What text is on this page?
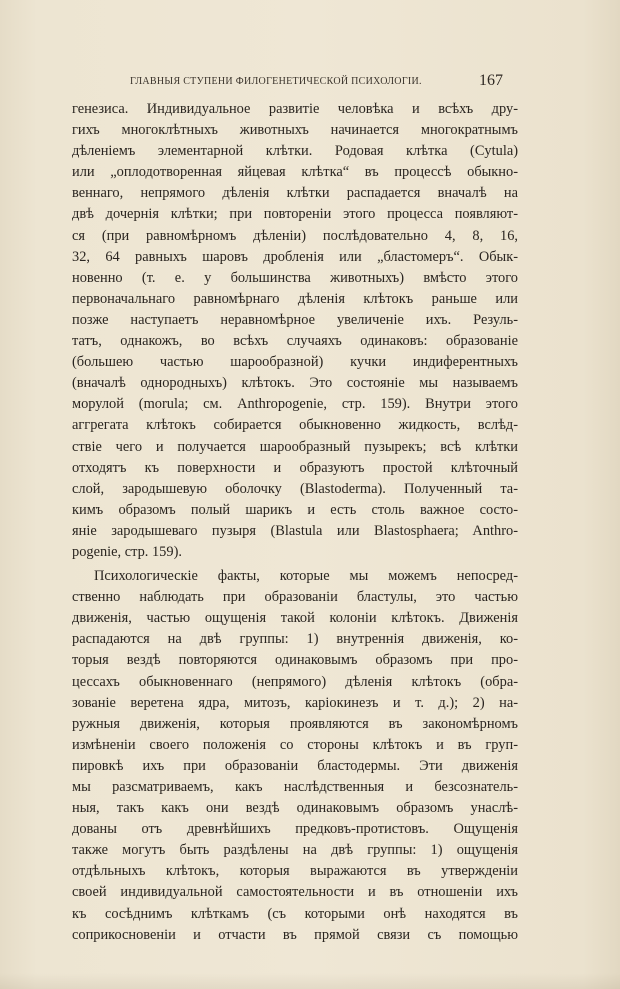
ГЛАВНЫЯ СТУПЕНИ ФИЛОГЕНЕТИЧЕСКОЙ ПСИХОЛОГІИ.	167
генезиса. Индивидуальное развитіе человѣка и всѣхъ дру-
гихъ многоклѣтныхъ животныхъ начинается многократнымъ
дѣленіемъ элементарной клѣтки. Родовая клѣтка (Cytula)
или „оплодотворенная яйцевая клѣтка“ въ процессѣ обыкно-
веннаго, непрямого дѣленія клѣтки распадается вначалѣ на
двѣ дочернія клѣтки; при повтореніи этого процесса появляют-
ся (при равномѣрномъ дѣленіи) послѣдовательно 4, 8, 16,
32, 64 равныхъ шаровъ дробленія или „бластомеръ“. Обык-
новенно (т. е. у большинства животныхъ) вмѣсто этого
первоначальнаго равномѣрнаго дѣленія клѣтокъ раньше или
позже наступаетъ неравномѣрное увеличеніе ихъ. Резуль-
татъ, однакожъ, во всѣхъ случаяхъ одинаковъ: образованіе
(большею частью шарообразной) кучки индиферентныхъ
(вначалѣ однородныхъ) клѣтокъ. Это состояніе мы называемъ
морулой (morula; см. Anthropogenie, стр. 159). Внутри этого
аггрегата клѣтокъ собирается обыкновенно жидкость, вслѣд-
ствіе чего и получается шарообразный пузырекъ; всѣ клѣтки
отходятъ къ поверхности и образуютъ простой клѣточный
слой, зародышевую оболочку (Blastoderma). Полученный та-
кимъ образомъ полый шарикъ и есть столь важное состо-
яніе зародышеваго пузыря (Blastula или Blastosphaera; Anthro-
pogenie, стр. 159).
Психологическіе факты, которые мы можемъ непосред-
ственно наблюдать при образованіи бластулы, это частью
движенія, частью ощущенія такой колоніи клѣтокъ. Движенія
распадаются на двѣ группы: 1) внутреннія движенія, ко-
торыя вездѣ повторяются одинаковымъ образомъ при про-
цессахъ обыкновеннаго (непрямого) дѣленія клѣтокъ (обра-
зованіе веретена ядра, митозъ, каріокинезъ и т. д.); 2) на-
ружныя движенія, которыя проявляются въ закономѣрномъ
измѣненіи своего положенія со стороны клѣтокъ и въ груп-
пировкѣ ихъ при образованіи бластодермы. Эти движенія
мы разсматриваемъ, какъ наслѣдственныя и безсознатель-
ныя, такъ какъ они вездѣ одинаковымъ образомъ унаслѣ-
дованы отъ древнѣйшихъ предковъ-протистовъ. Ощущенія
также могутъ быть раздѣлены на двѣ группы: 1) ощущенія
отдѣльныхъ клѣтокъ, которыя выражаются въ утвержденіи
своей индивидуальной самостоятельности и въ отношеніи ихъ
къ сосѣднимъ клѣткамъ (съ которыми онѣ находятся въ
соприкосновеніи и отчасти въ прямой связи съ помощью
